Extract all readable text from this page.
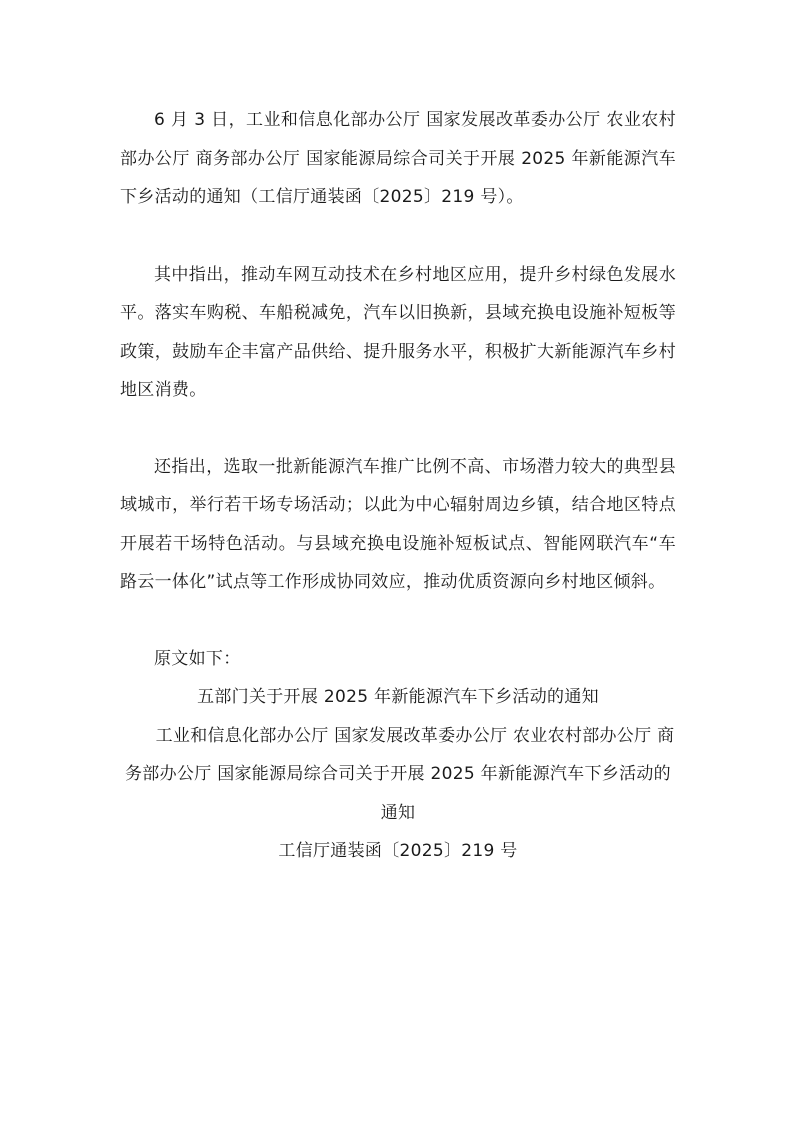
6 月 3 日，工业和信息化部办公厅 国家发展改革委办公厅 农业农村部办公厅 商务部办公厅 国家能源局综合司关于开展 2025 年新能源汽车下乡活动的通知（工信厅通装函〔2025〕219 号）。

其中指出，推动车网互动技术在乡村地区应用，提升乡村绿色发展水平。落实车购税、车船税减免，汽车以旧换新，县域充换电设施补短板等政策，鼓励车企丰富产品供给、提升服务水平，积极扩大新能源汽车乡村地区消费。

还指出，选取一批新能源汽车推广比例不高、市场潜力较大的典型县域城市，举行若干场专场活动；以此为中心辐射周边乡镇，结合地区特点开展若干场特色活动。与县域充换电设施补短板试点、智能网联汽车“车路云一体化”试点等工作形成协同效应，推动优质资源向乡村地区倾斜。

原文如下：

五部门关于开展 2025 年新能源汽车下乡活动的通知

工业和信息化部办公厅 国家发展改革委办公厅 农业农村部办公厅 商务部办公厅 国家能源局综合司关于开展 2025 年新能源汽车下乡活动的通知

工信厅通装函〔2025〕219 号
